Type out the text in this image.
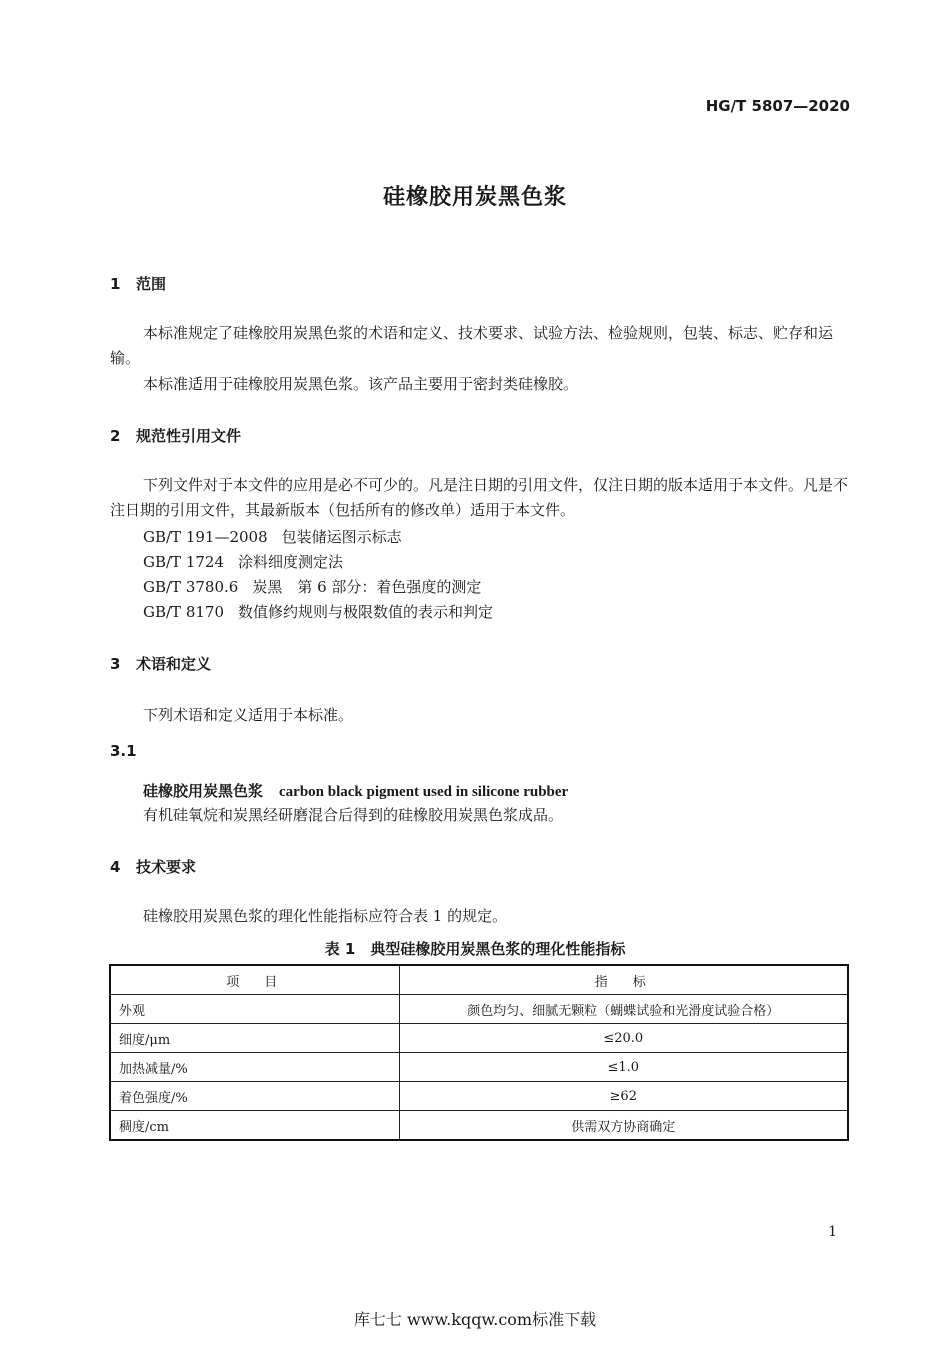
HG/T 5807—2020
硅橡胶用炭黑色浆
1 范围
本标准规定了硅橡胶用炭黑色浆的术语和定义、技术要求、试验方法、检验规则，包装、标志、贮存和运输。
本标准适用于硅橡胶用炭黑色浆。该产品主要用于密封类硅橡胶。
2 规范性引用文件
下列文件对于本文件的应用是必不可少的。凡是注日期的引用文件，仅注日期的版本适用于本文件。凡是不注日期的引用文件，其最新版本（包括所有的修改单）适用于本文件。
GB/T 191—2008 包装储运图示标志
GB/T 1724 涂料细度测定法
GB/T 3780.6 炭黑　第 6 部分：着色强度的测定
GB/T 8170 数值修约规则与极限数值的表示和判定
3 术语和定义
下列术语和定义适用于本标准。
3.1
硅橡胶用炭黑色浆 carbon black pigment used in silicone rubber
有机硅氧烷和炭黑经研磨混合后得到的硅橡胶用炭黑色浆成品。
4 技术要求
硅橡胶用炭黑色浆的理化性能指标应符合表 1 的规定。
表 1　典型硅橡胶用炭黑色浆的理化性能指标
项　目	指　标
外观	颜色均匀、细腻无颗粒（蝴蝶试验和光滑度试验合格）
细度/μm	≤20.0
加热减量/%	≤1.0
着色强度/%	≥62
稠度/cm	供需双方协商确定
1
库七七 www.kqqw.com标准下载
